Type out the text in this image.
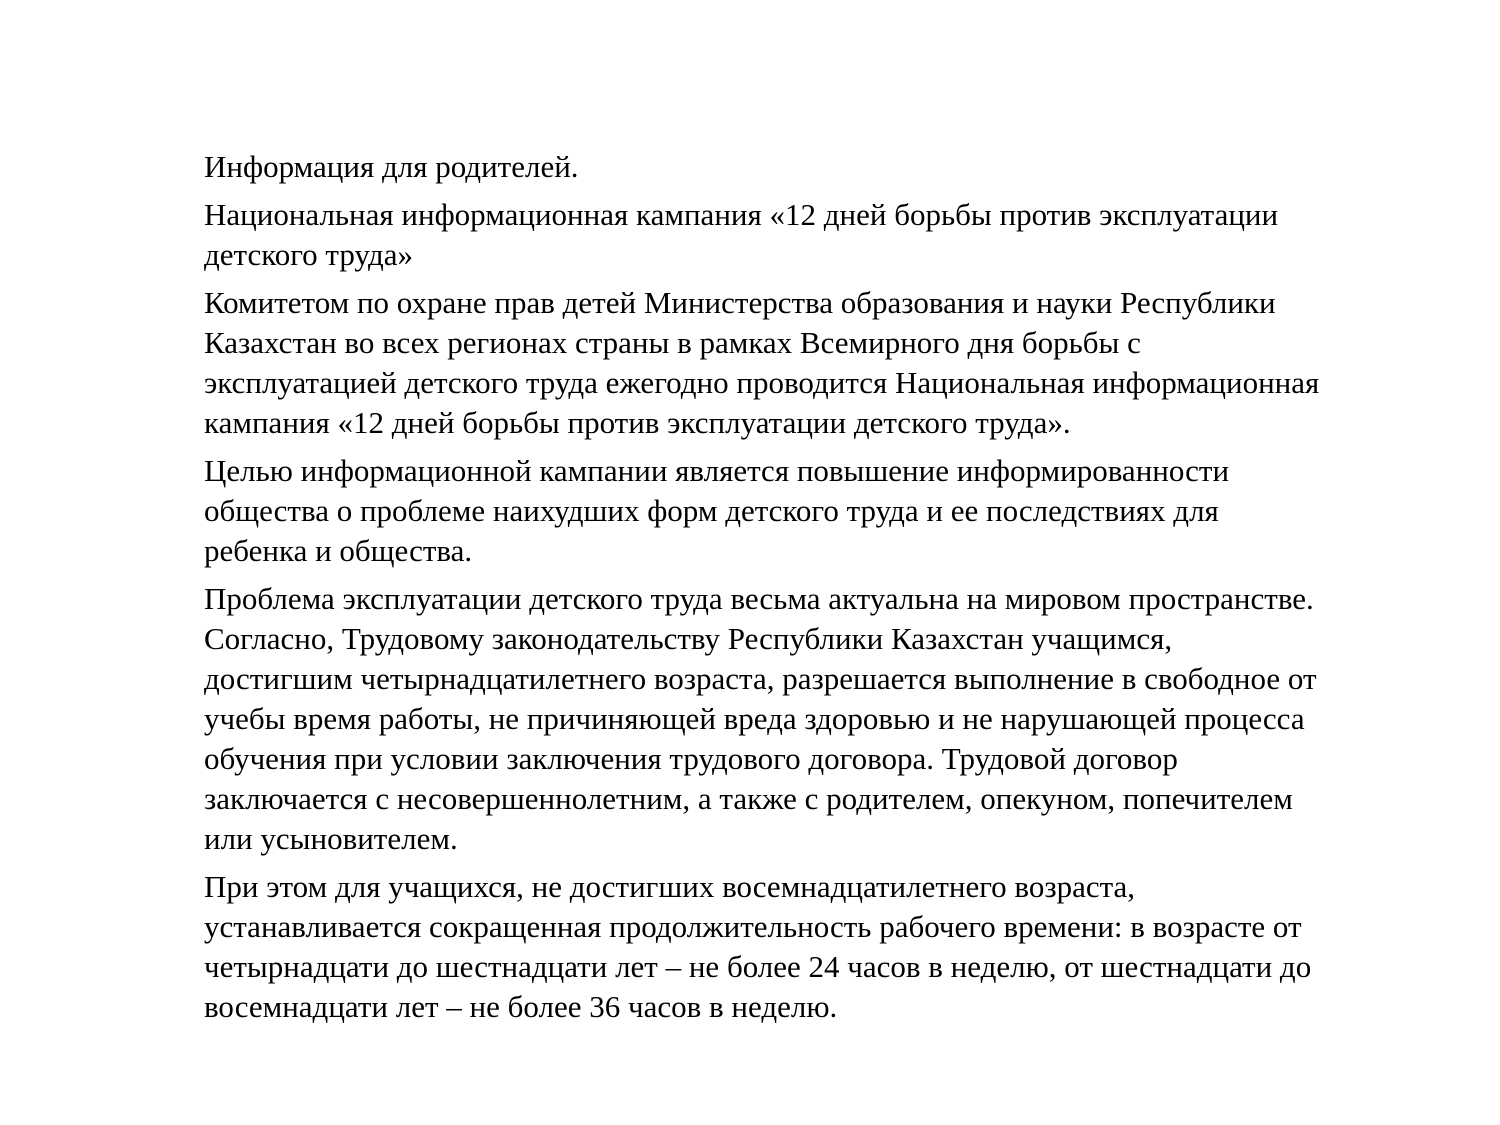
Информация для родителей.

Национальная информационная кампания «12 дней борьбы против эксплуатации
детского труда»

Комитетом по охране прав детей Министерства образования и науки Республики
Казахстан во всех регионах страны в рамках Всемирного дня борьбы с
эксплуатацией детского труда ежегодно проводится Национальная информационная
кампания «12 дней борьбы против эксплуатации детского труда».

Целью информационной кампании является повышение информированности
общества о проблеме наихудших форм детского труда и ее последствиях для
ребенка и общества.

Проблема эксплуатации детского труда весьма актуальна на мировом пространстве.
Согласно, Трудовому законодательству Республики Казахстан учащимся,
достигшим четырнадцатилетнего возраста, разрешается выполнение в свободное от
учебы время работы, не причиняющей вреда здоровью и не нарушающей процесса
обучения при условии заключения трудового договора. Трудовой договор
заключается с несовершеннолетним, а также с родителем, опекуном, попечителем
или усыновителем.

При этом для учащихся, не достигших восемнадцатилетнего возраста,
устанавливается сокращенная продолжительность рабочего времени: в возрасте от
четырнадцати до шестнадцати лет – не более 24 часов в неделю, от шестнадцати до
восемнадцати лет – не более 36 часов в неделю.
